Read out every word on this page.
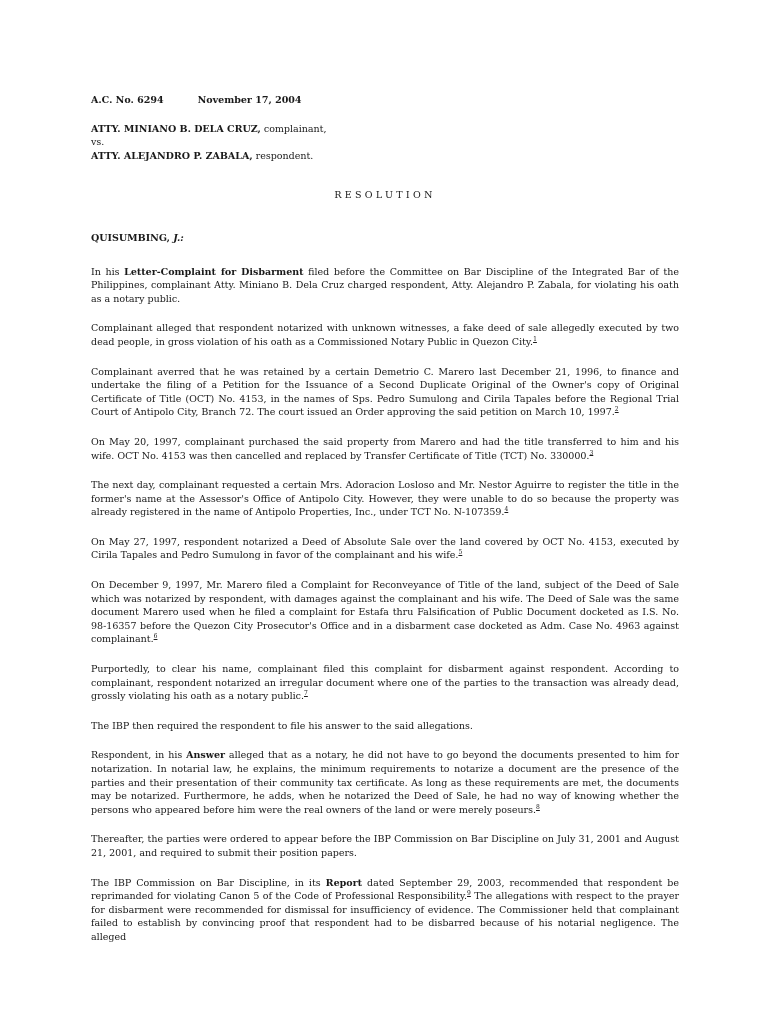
A.C. No. 6294	November 17, 2004

ATTY. MINIANO B. DELA CRUZ, complainant,

vs.

ATTY. ALEJANDRO P. ZABALA, respondent.

RESOLUTION

QUISUMBING, J.:

In his Letter-Complaint for Disbarment filed before the Committee on Bar Discipline of the Integrated Bar of the Philippines, complainant Atty. Miniano B. Dela Cruz charged respondent, Atty. Alejandro P. Zabala, for violating his oath as a notary public.

Complainant alleged that respondent notarized with unknown witnesses, a fake deed of sale allegedly executed by two dead people, in gross violation of his oath as a Commissioned Notary Public in Quezon City.$^1$

Complainant averred that he was retained by a certain Demetrio C. Marero last December 21, 1996, to finance and undertake the filing of a Petition for the Issuance of a Second Duplicate Original of the Owner's copy of Original Certificate of Title (OCT) No. 4153, in the names of Sps. Pedro Sumulong and Cirila Tapales before the Regional Trial Court of Antipolo City, Branch 72. The court issued an Order approving the said petition on March 10, 1997.$^2$

On May 20, 1997, complainant purchased the said property from Marero and had the title transferred to him and his wife. OCT No. 4153 was then cancelled and replaced by Transfer Certificate of Title (TCT) No. 330000.$^3$

The next day, complainant requested a certain Mrs. Adoracion Losloso and Mr. Nestor Aguirre to register the title in the former's name at the Assessor's Office of Antipolo City. However, they were unable to do so because the property was already registered in the name of Antipolo Properties, Inc., under TCT No. N-107359.$^4$

On May 27, 1997, respondent notarized a Deed of Absolute Sale over the land covered by OCT No. 4153, executed by Cirila Tapales and Pedro Sumulong in favor of the complainant and his wife.$^5$

On December 9, 1997, Mr. Marero filed a Complaint for Reconveyance of Title of the land, subject of the Deed of Sale which was notarized by respondent, with damages against the complainant and his wife. The Deed of Sale was the same document Marero used when he filed a complaint for Estafa thru Falsification of Public Document docketed as I.S. No. 98-16357 before the Quezon City Prosecutor's Office and in a disbarment case docketed as Adm. Case No. 4963 against complainant.$^6$

Purportedly, to clear his name, complainant filed this complaint for disbarment against respondent. According to complainant, respondent notarized an irregular document where one of the parties to the transaction was already dead, grossly violating his oath as a notary public.$^7$

The IBP then required the respondent to file his answer to the said allegations.

Respondent, in his Answer alleged that as a notary, he did not have to go beyond the documents presented to him for notarization. In notarial law, he explains, the minimum requirements to notarize a document are the presence of the parties and their presentation of their community tax certificate. As long as these requirements are met, the documents may be notarized. Furthermore, he adds, when he notarized the Deed of Sale, he had no way of knowing whether the persons who appeared before him were the real owners of the land or were merely poseurs.$^8$

Thereafter, the parties were ordered to appear before the IBP Commission on Bar Discipline on July 31, 2001 and August 21, 2001, and required to submit their position papers.

The IBP Commission on Bar Discipline, in its Report dated September 29, 2003, recommended that respondent be reprimanded for violating Canon 5 of the Code of Professional Responsibility.$^9$ The allegations with respect to the prayer for disbarment were recommended for dismissal for insufficiency of evidence. The Commissioner held that complainant failed to establish by convincing proof that respondent had to be disbarred because of his notarial negligence. The alleged
